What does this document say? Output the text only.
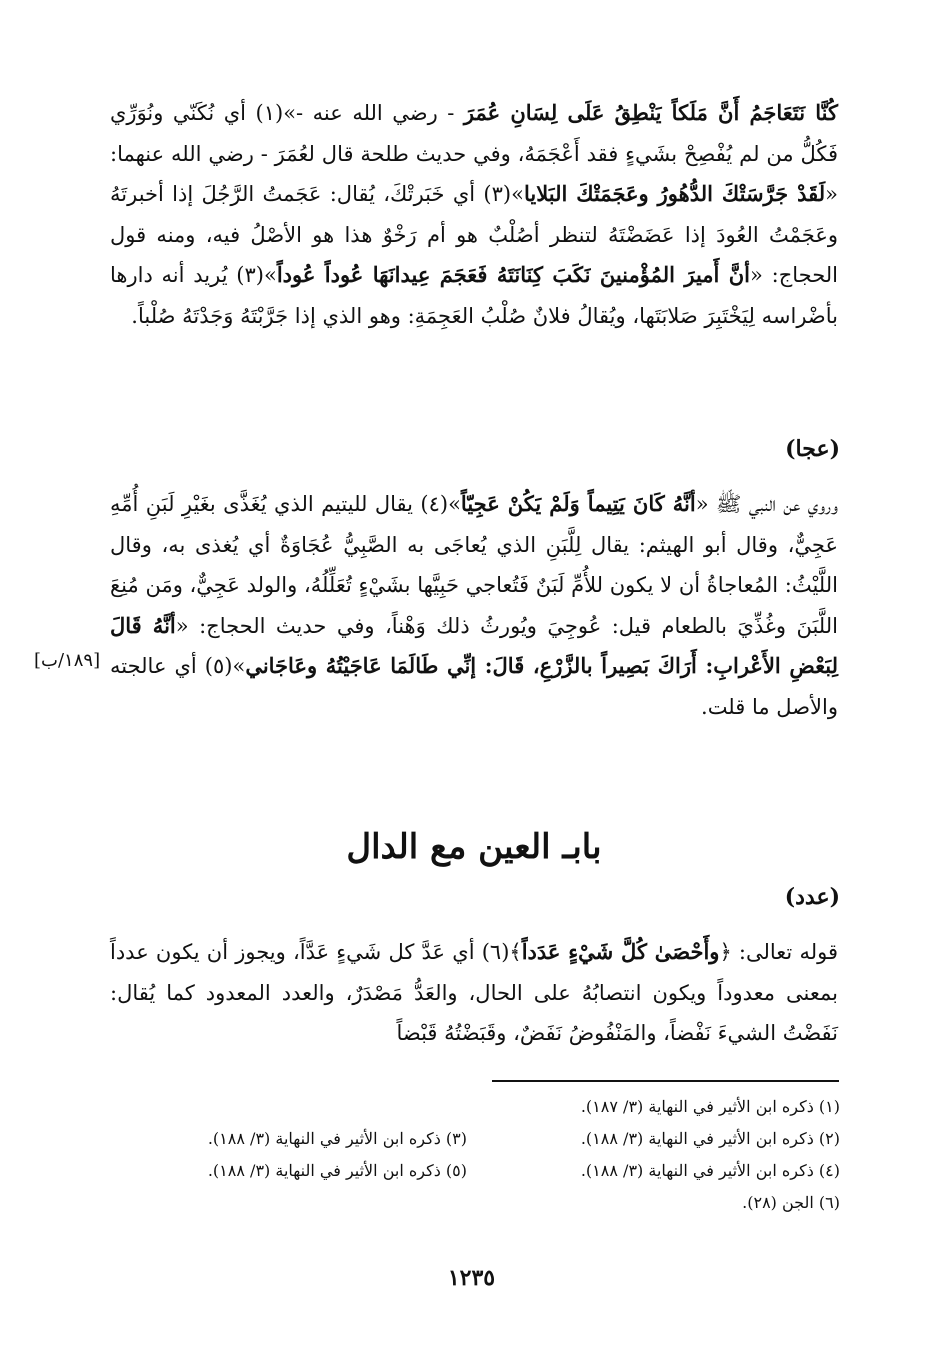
كُنَّا نَتَعَاجَمُ أَنَّ مَلَكاً يَنْطِقُ عَلَى لِسَانِ عُمَرَ - رضي الله عنه -»(١) أي نُكَنّي ونُوَرِّي فَكُلُّ من لم يُفْصِحْ بشَيءٍ فقد أَعْجَمَهُ، وفي حديث طلحة قال لعُمَرَ - رضي الله عنهما: «لَقَدْ جَرَّسَتْكَ الدُّهُورُ وعَجَمَتْكَ البَلايا»(٣) أي خَبَرتْكَ، يُقال: عَجَمتُ الرَّجُلَ إذا أخبرتَهُ وعَجَمْتُ العُودَ إذا عَضَضْتَهُ لتنظر أصُلْبٌ هو أم رَخْوٌ هذا هو الأصْلُ فيه، ومنه قول الحجاج: «أنَّ أَميرَ المُؤْمنينَ نَكَبَ كِنَانَتَهُ فَعَجَمَ عِيدانَهَا عُوداً عُوداً»(٣) يُريد أنه دارها بأضْراسه لِيَخْتَبِرَ صَلابَتَها، ويُقالُ فلانٌ صُلْبُ العَجِمَةِ: وهو الذي إذا جَرَّبْتَهُ وَجَدْتَهُ صُلْباً.

(عجا)

وروي عن النبي ﷺ «أنَّهُ كَانَ يَتِيماً وَلَمْ يَكُنْ عَجِيّاً»(٤) يقال لليتيم الذي يُغَذَّى بغَيْرِ لَبَنِ أُمِّهِ عَجِيٌّ، وقال أبو الهيثم: يقال لِلَّبَنِ الذي يُعاجَى به الصَّبِيُّ عُجَاوَةٌ أي يُغذى به، وقال اللَّيْثُ: المُعاجاةُ أن لا يكون للأُمِّ لَبَنٌ فَتُعاجي حَبِيَّها بشَيْءٍ تُعَلِّلُهُ، والولد عَجِيٌّ، ومَن مُنِعَ اللَّبَنَ وغُذِّيَ بالطعام قيل: عُوجِيَ ويُورثُ ذلك وَهْناً، وفي حديث الحجاج: «أنَّهُ قَالَ لِبَعْضِ الأَعْرابِ: أَرَاكَ بَصِيراً بالزَّرْعِ، قَالَ: إنِّي طَالَمَا عَاجَيْتُهُ وعَاجَاني»(٥) أي عالجته والأصل ما قلت.

[١٨٩/ب]
بابـ العين مع الدال
(عدد)

قوله تعالى: ﴿وأَحْصَىٰ كُلَّ شَيْءٍ عَدَداً﴾(٦) أي عَدَّ كل شَيءٍ عَدَّاً، ويجوز أن يكون عدداً بمعنى معدوداً ويكون انتصابُهُ على الحال، والعَدُّ مَصْدَرٌ، والعدد المعدود كما يُقال: نَفَضْتُ الشيءَ نَفْضاً، والمَنْفُوضُ نَفَضٌ، وقَبَضْتُهُ قَبْضاً

(١) ذكره ابن الأثير في النهاية (٣/ ١٨٧).
(٢) ذكره ابن الأثير في النهاية (٣/ ١٨٨).
(٣) ذكره ابن الأثير في النهاية (٣/ ١٨٨).
(٤) ذكره ابن الأثير في النهاية (٣/ ١٨٨).
(٥) ذكره ابن الأثير في النهاية (٣/ ١٨٨).
(٦) الجن (٢٨).
١٢٣٥
